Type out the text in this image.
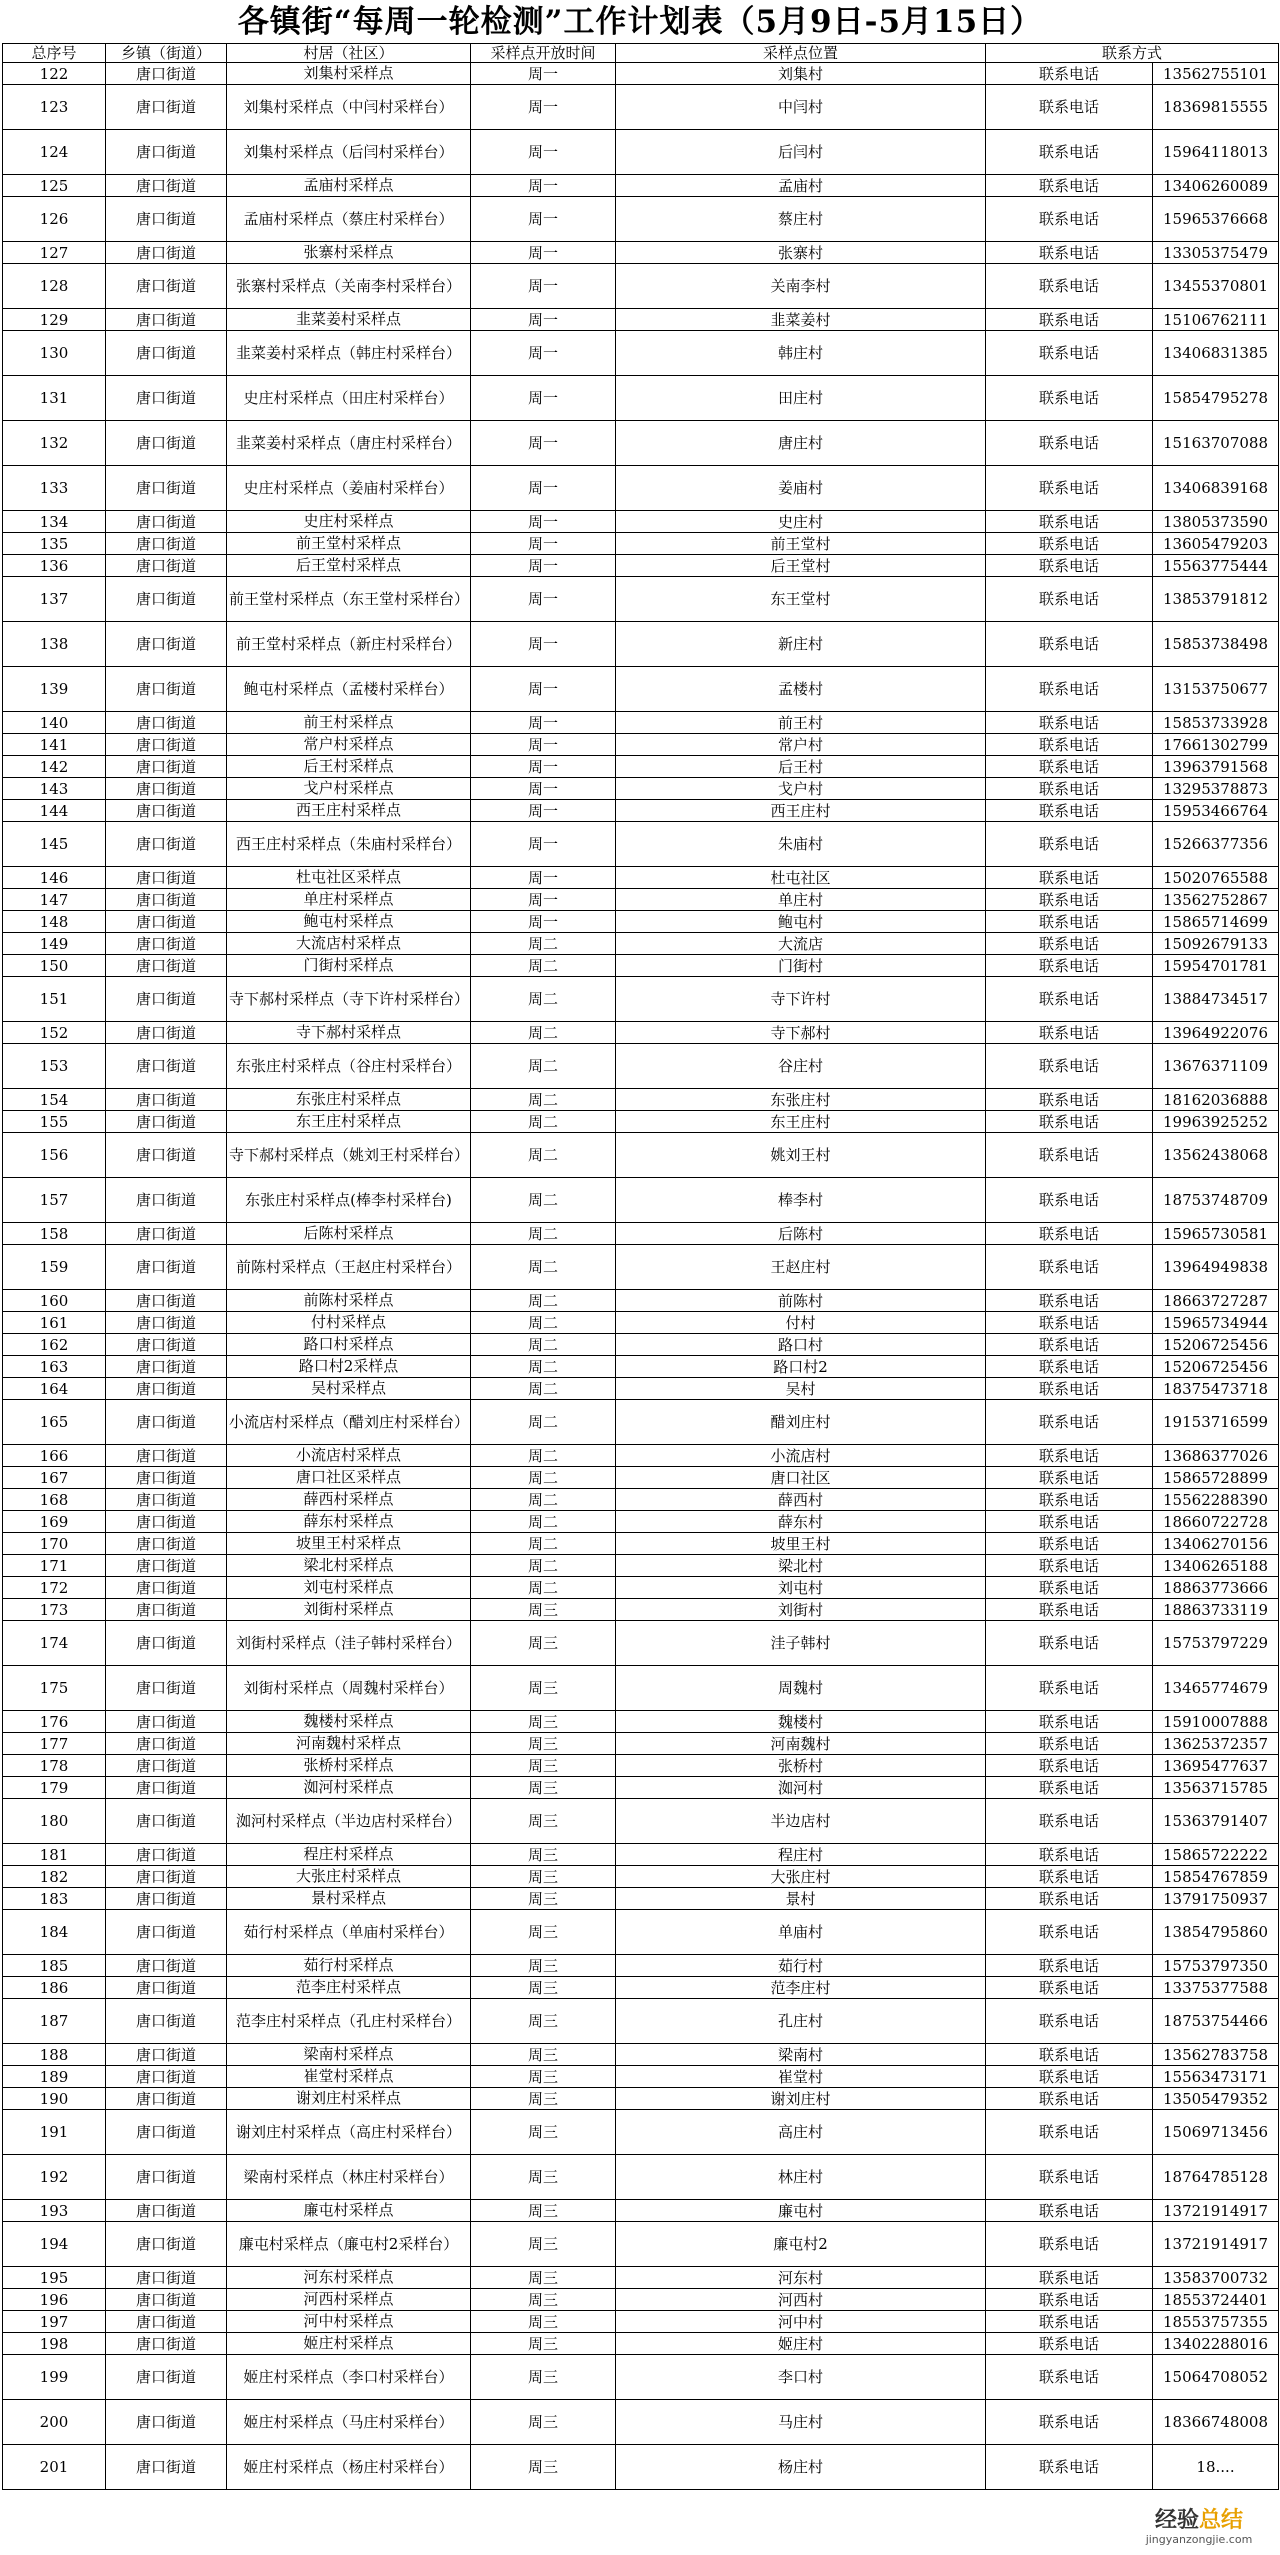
各镇街“每周一轮检测”工作计划表（5月9日-5月15日）
总序号	乡镇（街道）	村居（社区）	采样点开放时间	采样点位置	联系方式	
122	唐口街道	刘集村采样点	周一	刘集村	联系电话	13562755101
123	唐口街道	刘集村采样点（中闫村采样台）	周一	中闫村	联系电话	18369815555
124	唐口街道	刘集村采样点（后闫村采样台）	周一	后闫村	联系电话	15964118013
125	唐口街道	孟庙村采样点	周一	孟庙村	联系电话	13406260089
126	唐口街道	孟庙村采样点（蔡庄村采样台）	周一	蔡庄村	联系电话	15965376668
127	唐口街道	张寨村采样点	周一	张寨村	联系电话	13305375479
128	唐口街道	张寨村采样点（关南李村采样台）	周一	关南李村	联系电话	13455370801
129	唐口街道	韭菜姜村采样点	周一	韭菜姜村	联系电话	15106762111
130	唐口街道	韭菜姜村采样点（韩庄村采样台）	周一	韩庄村	联系电话	13406831385
131	唐口街道	史庄村采样点（田庄村采样台）	周一	田庄村	联系电话	15854795278
132	唐口街道	韭菜姜村采样点（唐庄村采样台）	周一	唐庄村	联系电话	15163707088
133	唐口街道	史庄村采样点（姜庙村采样台）	周一	姜庙村	联系电话	13406839168
134	唐口街道	史庄村采样点	周一	史庄村	联系电话	13805373590
135	唐口街道	前王堂村采样点	周一	前王堂村	联系电话	13605479203
136	唐口街道	后王堂村采样点	周一	后王堂村	联系电话	15563775444
137	唐口街道	前王堂村采样点（东王堂村采样台）	周一	东王堂村	联系电话	13853791812
138	唐口街道	前王堂村采样点（新庄村采样台）	周一	新庄村	联系电话	15853738498
139	唐口街道	鲍屯村采样点（孟楼村采样台）	周一	孟楼村	联系电话	13153750677
140	唐口街道	前王村采样点	周一	前王村	联系电话	15853733928
141	唐口街道	常户村采样点	周一	常户村	联系电话	17661302799
142	唐口街道	后王村采样点	周一	后王村	联系电话	13963791568
143	唐口街道	戈户村采样点	周一	戈户村	联系电话	13295378873
144	唐口街道	西王庄村采样点	周一	西王庄村	联系电话	15953466764
145	唐口街道	西王庄村采样点（朱庙村采样台）	周一	朱庙村	联系电话	15266377356
146	唐口街道	杜屯社区采样点	周一	杜屯社区	联系电话	15020765588
147	唐口街道	单庄村采样点	周一	单庄村	联系电话	13562752867
148	唐口街道	鲍屯村采样点	周一	鲍屯村	联系电话	15865714699
149	唐口街道	大流店村采样点	周二	大流店	联系电话	15092679133
150	唐口街道	门街村采样点	周二	门街村	联系电话	15954701781
151	唐口街道	寺下郝村采样点（寺下许村采样台）	周二	寺下许村	联系电话	13884734517
152	唐口街道	寺下郝村采样点	周二	寺下郝村	联系电话	13964922076
153	唐口街道	东张庄村采样点（谷庄村采样台）	周二	谷庄村	联系电话	13676371109
154	唐口街道	东张庄村采样点	周二	东张庄村	联系电话	18162036888
155	唐口街道	东王庄村采样点	周二	东王庄村	联系电话	19963925252
156	唐口街道	寺下郝村采样点（姚刘王村采样台）	周二	姚刘王村	联系电话	13562438068
157	唐口街道	东张庄村采样点(棒李村采样台)	周二	棒李村	联系电话	18753748709
158	唐口街道	后陈村采样点	周二	后陈村	联系电话	15965730581
159	唐口街道	前陈村采样点（王赵庄村采样台）	周二	王赵庄村	联系电话	13964949838
160	唐口街道	前陈村采样点	周二	前陈村	联系电话	18663727287
161	唐口街道	付村采样点	周二	付村	联系电话	15965734944
162	唐口街道	路口村采样点	周二	路口村	联系电话	15206725456
163	唐口街道	路口村2采样点	周二	路口村2	联系电话	15206725456
164	唐口街道	吴村采样点	周二	吴村	联系电话	18375473718
165	唐口街道	小流店村采样点（醋刘庄村采样台）	周二	醋刘庄村	联系电话	19153716599
166	唐口街道	小流店村采样点	周二	小流店村	联系电话	13686377026
167	唐口街道	唐口社区采样点	周二	唐口社区	联系电话	15865728899
168	唐口街道	薛西村采样点	周二	薛西村	联系电话	15562288390
169	唐口街道	薛东村采样点	周二	薛东村	联系电话	18660722728
170	唐口街道	坡里王村采样点	周二	坡里王村	联系电话	13406270156
171	唐口街道	梁北村采样点	周二	梁北村	联系电话	13406265188
172	唐口街道	刘屯村采样点	周二	刘屯村	联系电话	18863773666
173	唐口街道	刘街村采样点	周三	刘街村	联系电话	18863733119
174	唐口街道	刘街村采样点（洼子韩村采样台）	周三	洼子韩村	联系电话	15753797229
175	唐口街道	刘街村采样点（周魏村采样台）	周三	周魏村	联系电话	13465774679
176	唐口街道	魏楼村采样点	周三	魏楼村	联系电话	15910007888
177	唐口街道	河南魏村采样点	周三	河南魏村	联系电话	13625372357
178	唐口街道	张桥村采样点	周三	张桥村	联系电话	13695477637
179	唐口街道	洳河村采样点	周三	洳河村	联系电话	13563715785
180	唐口街道	洳河村采样点（半边店村采样台）	周三	半边店村	联系电话	15363791407
181	唐口街道	程庄村采样点	周三	程庄村	联系电话	15865722222
182	唐口街道	大张庄村采样点	周三	大张庄村	联系电话	15854767859
183	唐口街道	景村采样点	周三	景村	联系电话	13791750937
184	唐口街道	茹行村采样点（单庙村采样台）	周三	单庙村	联系电话	13854795860
185	唐口街道	茹行村采样点	周三	茹行村	联系电话	15753797350
186	唐口街道	范李庄村采样点	周三	范李庄村	联系电话	13375377588
187	唐口街道	范李庄村采样点（孔庄村采样台）	周三	孔庄村	联系电话	18753754466
188	唐口街道	梁南村采样点	周三	梁南村	联系电话	13562783758
189	唐口街道	崔堂村采样点	周三	崔堂村	联系电话	15563473171
190	唐口街道	谢刘庄村采样点	周三	谢刘庄村	联系电话	13505479352
191	唐口街道	谢刘庄村采样点（高庄村采样台）	周三	高庄村	联系电话	15069713456
192	唐口街道	梁南村采样点（林庄村采样台）	周三	林庄村	联系电话	18764785128
193	唐口街道	廉屯村采样点	周三	廉屯村	联系电话	13721914917
194	唐口街道	廉屯村采样点（廉屯村2采样台）	周三	廉屯村2	联系电话	13721914917
195	唐口街道	河东村采样点	周三	河东村	联系电话	13583700732
196	唐口街道	河西村采样点	周三	河西村	联系电话	18553724401
197	唐口街道	河中村采样点	周三	河中村	联系电话	18553757355
198	唐口街道	姬庄村采样点	周三	姬庄村	联系电话	13402288016
199	唐口街道	姬庄村采样点（李口村采样台）	周三	李口村	联系电话	15064708052
200	唐口街道	姬庄村采样点（马庄村采样台）	周三	马庄村	联系电话	18366748008
201	唐口街道	姬庄村采样点（杨庄村采样台）	周三	杨庄村	联系电话	18....
经验总结
jingyanzongjie.com
